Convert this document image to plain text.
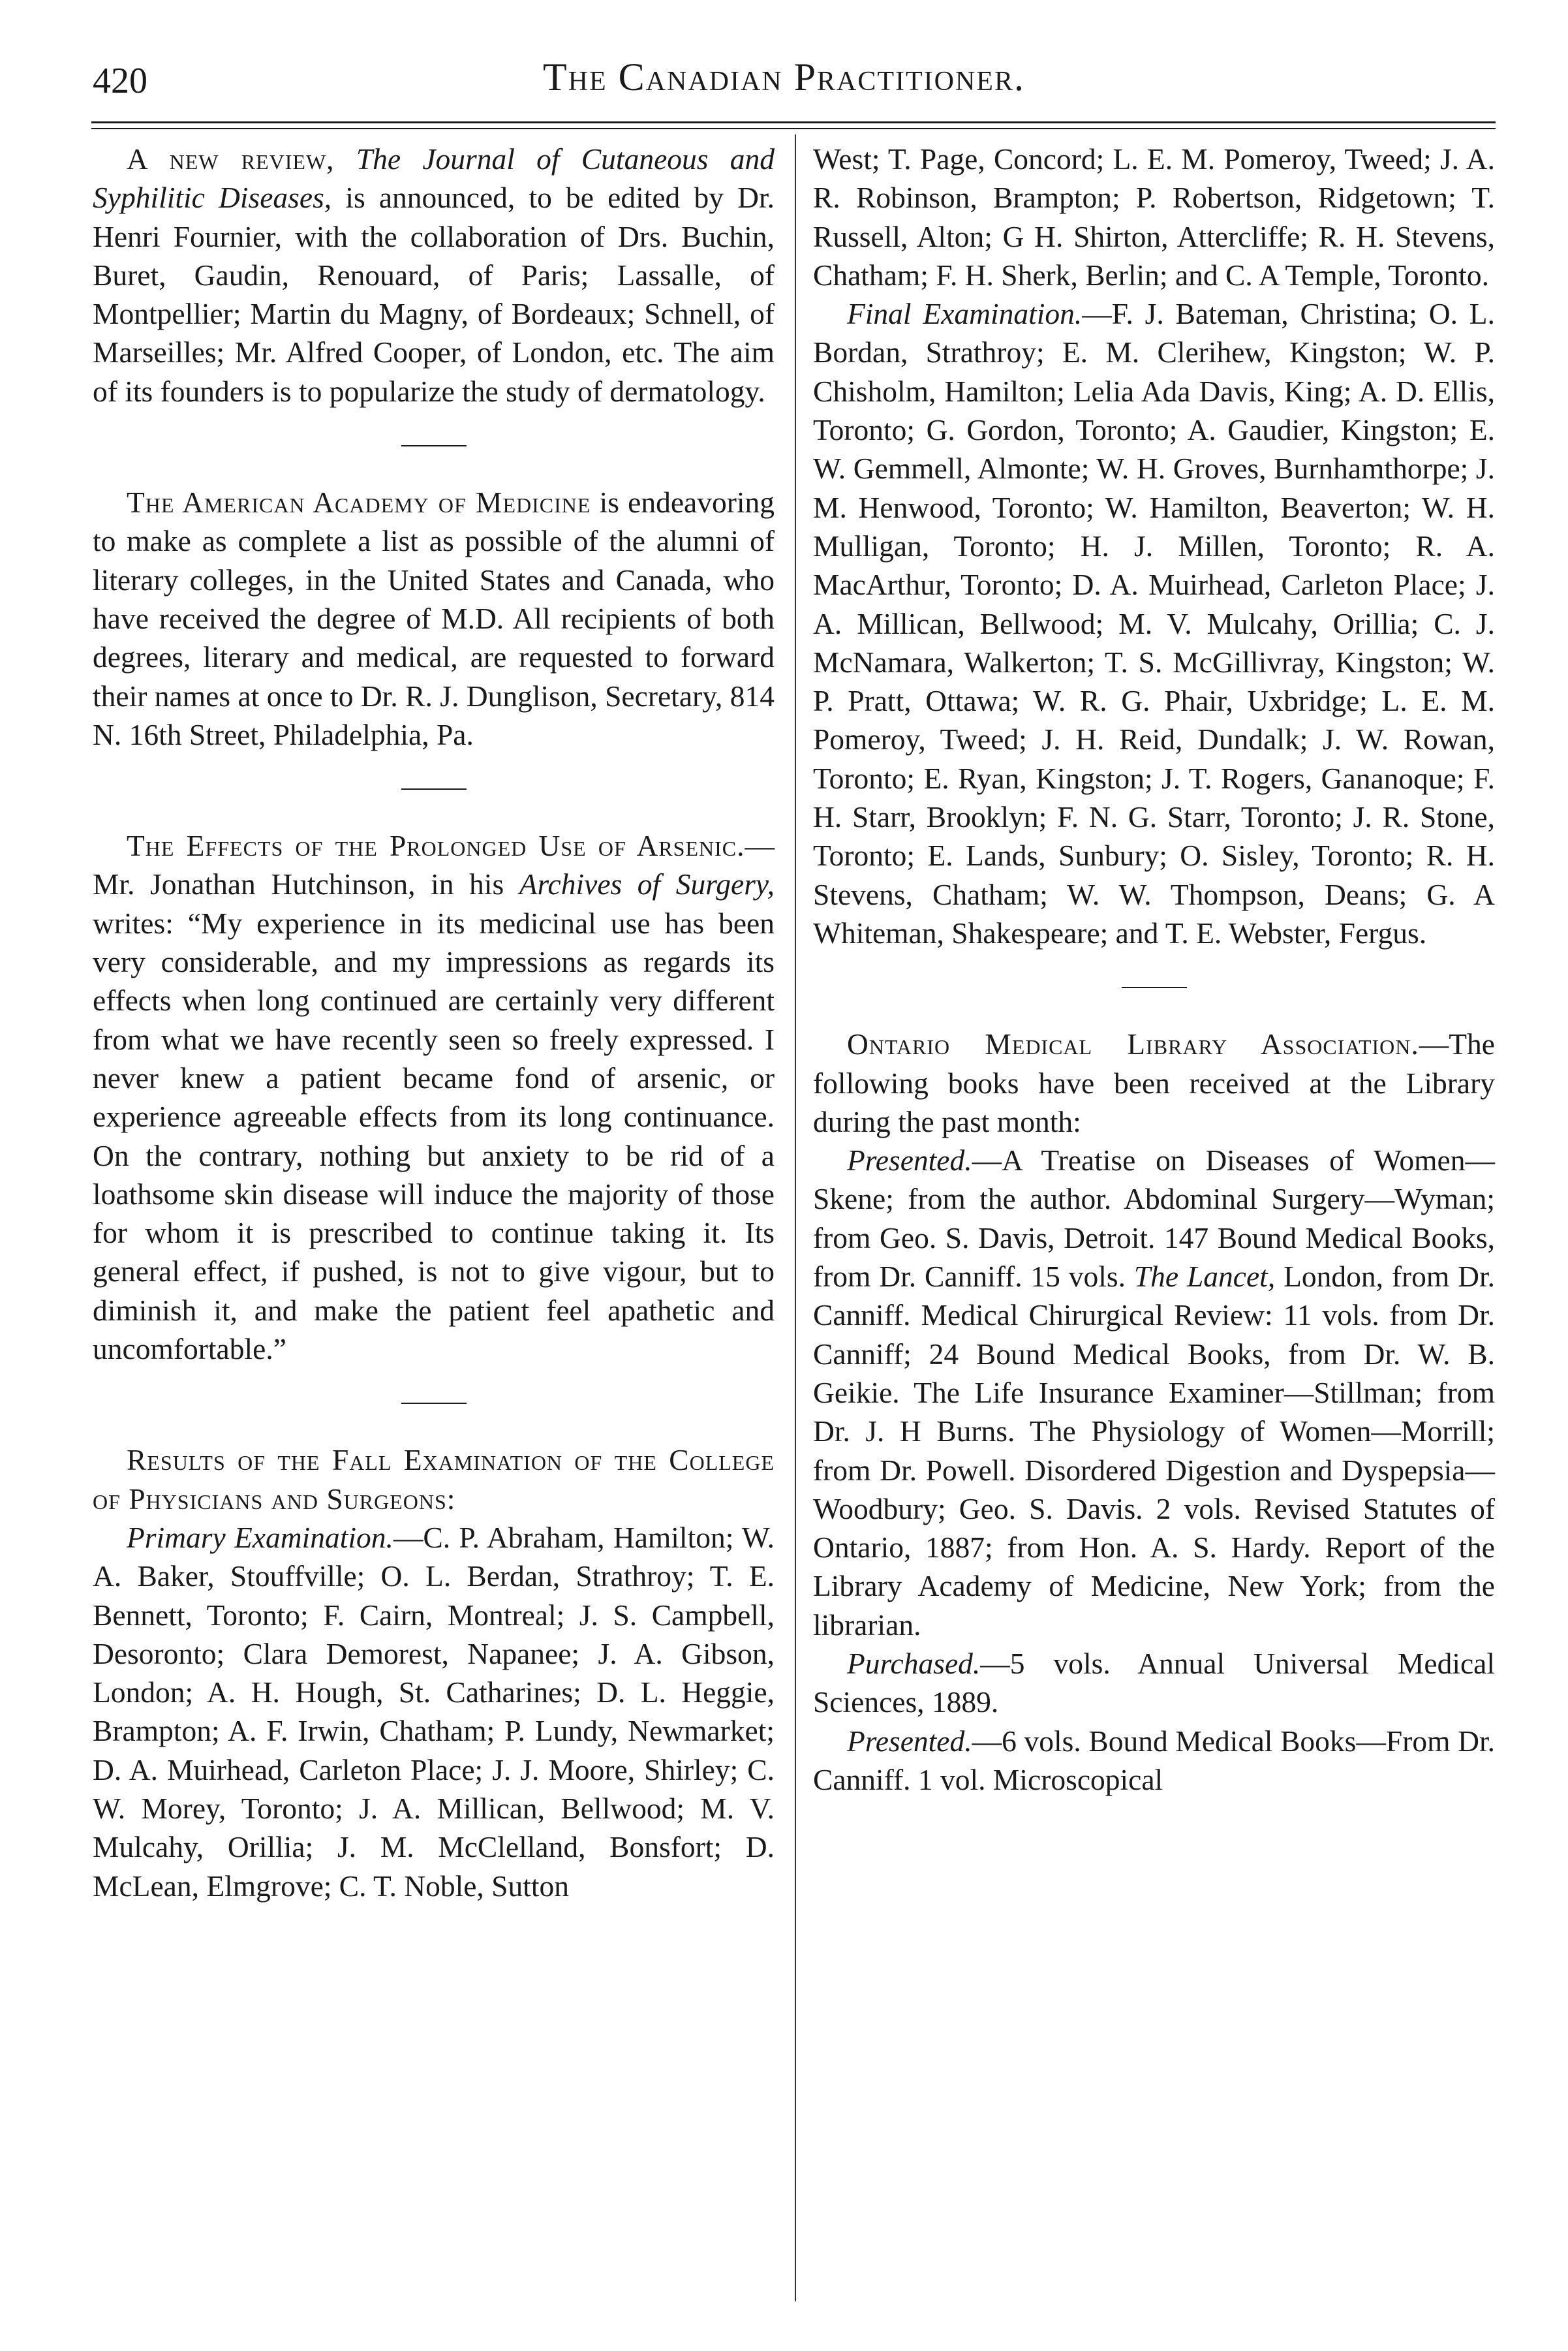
420	The Canadian Practitioner.

A new review, The Journal of Cutaneous and Syphilitic Diseases, is announced, to be edited by Dr. Henri Fournier, with the collaboration of Drs. Buchin, Buret, Gaudin, Renouard, of Paris; Lassalle, of Montpellier; Martin du Magny, of Bordeaux; Schnell, of Marseilles; Mr. Alfred Cooper, of London, etc. The aim of its founders is to popularize the study of dermatology.

The American Academy of Medicine is endeavoring to make as complete a list as possible of the alumni of literary colleges, in the United States and Canada, who have received the degree of M.D. All recipients of both degrees, literary and medical, are requested to forward their names at once to Dr. R. J. Dunglison, Secretary, 814 N. 16th Street, Philadelphia, Pa.

The Effects of the Prolonged Use of Arsenic.—Mr. Jonathan Hutchinson, in his Archives of Surgery, writes: “My experience in its medicinal use has been very considerable, and my impressions as regards its effects when long continued are certainly very different from what we have recently seen so freely expressed. I never knew a patient became fond of arsenic, or experience agreeable effects from its long continuance. On the contrary, nothing but anxiety to be rid of a loathsome skin disease will induce the majority of those for whom it is prescribed to continue taking it. Its general effect, if pushed, is not to give vigour, but to diminish it, and make the patient feel apathetic and uncomfortable.”

Results of the Fall Examination of the College of Physicians and Surgeons:

Primary Examination.—C. P. Abraham, Hamilton; W. A. Baker, Stouffville; O. L. Berdan, Strathroy; T. E. Bennett, Toronto; F. Cairn, Montreal; J. S. Campbell, Desoronto; Clara Demorest, Napanee; J. A. Gibson, London; A. H. Hough, St. Catharines; D. L. Heggie, Brampton; A. F. Irwin, Chatham; P. Lundy, Newmarket; D. A. Muirhead, Carleton Place; J. J. Moore, Shirley; C. W. Morey, Toronto; J. A. Millican, Bellwood; M. V. Mulcahy, Orillia; J. M. McClelland, Bonsfort; D. McLean, Elmgrove; C. T. Noble, Sutton

West; T. Page, Concord; L. E. M. Pomeroy, Tweed; J. A. R. Robinson, Brampton; P. Robertson, Ridgetown; T. Russell, Alton; G H. Shirton, Attercliffe; R. H. Stevens, Chatham; F. H. Sherk, Berlin; and C. A Temple, Toronto.

Final Examination.—F. J. Bateman, Christina; O. L. Bordan, Strathroy; E. M. Clerihew, Kingston; W. P. Chisholm, Hamilton; Lelia Ada Davis, King; A. D. Ellis, Toronto; G. Gordon, Toronto; A. Gaudier, Kingston; E. W. Gemmell, Almonte; W. H. Groves, Burnhamthorpe; J. M. Henwood, Toronto; W. Hamilton, Beaverton; W. H. Mulligan, Toronto; H. J. Millen, Toronto; R. A. MacArthur, Toronto; D. A. Muirhead, Carleton Place; J. A. Millican, Bellwood; M. V. Mulcahy, Orillia; C. J. McNamara, Walkerton; T. S. McGillivray, Kingston; W. P. Pratt, Ottawa; W. R. G. Phair, Uxbridge; L. E. M. Pomeroy, Tweed; J. H. Reid, Dundalk; J. W. Rowan, Toronto; E. Ryan, Kingston; J. T. Rogers, Gananoque; F. H. Starr, Brooklyn; F. N. G. Starr, Toronto; J. R. Stone, Toronto; E. Lands, Sunbury; O. Sisley, Toronto; R. H. Stevens, Chatham; W. W. Thompson, Deans; G. A Whiteman, Shakespeare; and T. E. Webster, Fergus.

Ontario Medical Library Association.—The following books have been received at the Library during the past month:

Presented.—A Treatise on Diseases of Women—Skene; from the author. Abdominal Surgery—Wyman; from Geo. S. Davis, Detroit. 147 Bound Medical Books, from Dr. Canniff. 15 vols. The Lancet, London, from Dr. Canniff. Medical Chirurgical Review: 11 vols. from Dr. Canniff; 24 Bound Medical Books, from Dr. W. B. Geikie. The Life Insurance Examiner—Stillman; from Dr. J. H Burns. The Physiology of Women—Morrill; from Dr. Powell. Disordered Digestion and Dyspepsia—Woodbury; Geo. S. Davis. 2 vols. Revised Statutes of Ontario, 1887; from Hon. A. S. Hardy. Report of the Library Academy of Medicine, New York; from the librarian.

Purchased.—5 vols. Annual Universal Medical Sciences, 1889.

Presented.—6 vols. Bound Medical Books—From Dr. Canniff. 1 vol. Microscopical
